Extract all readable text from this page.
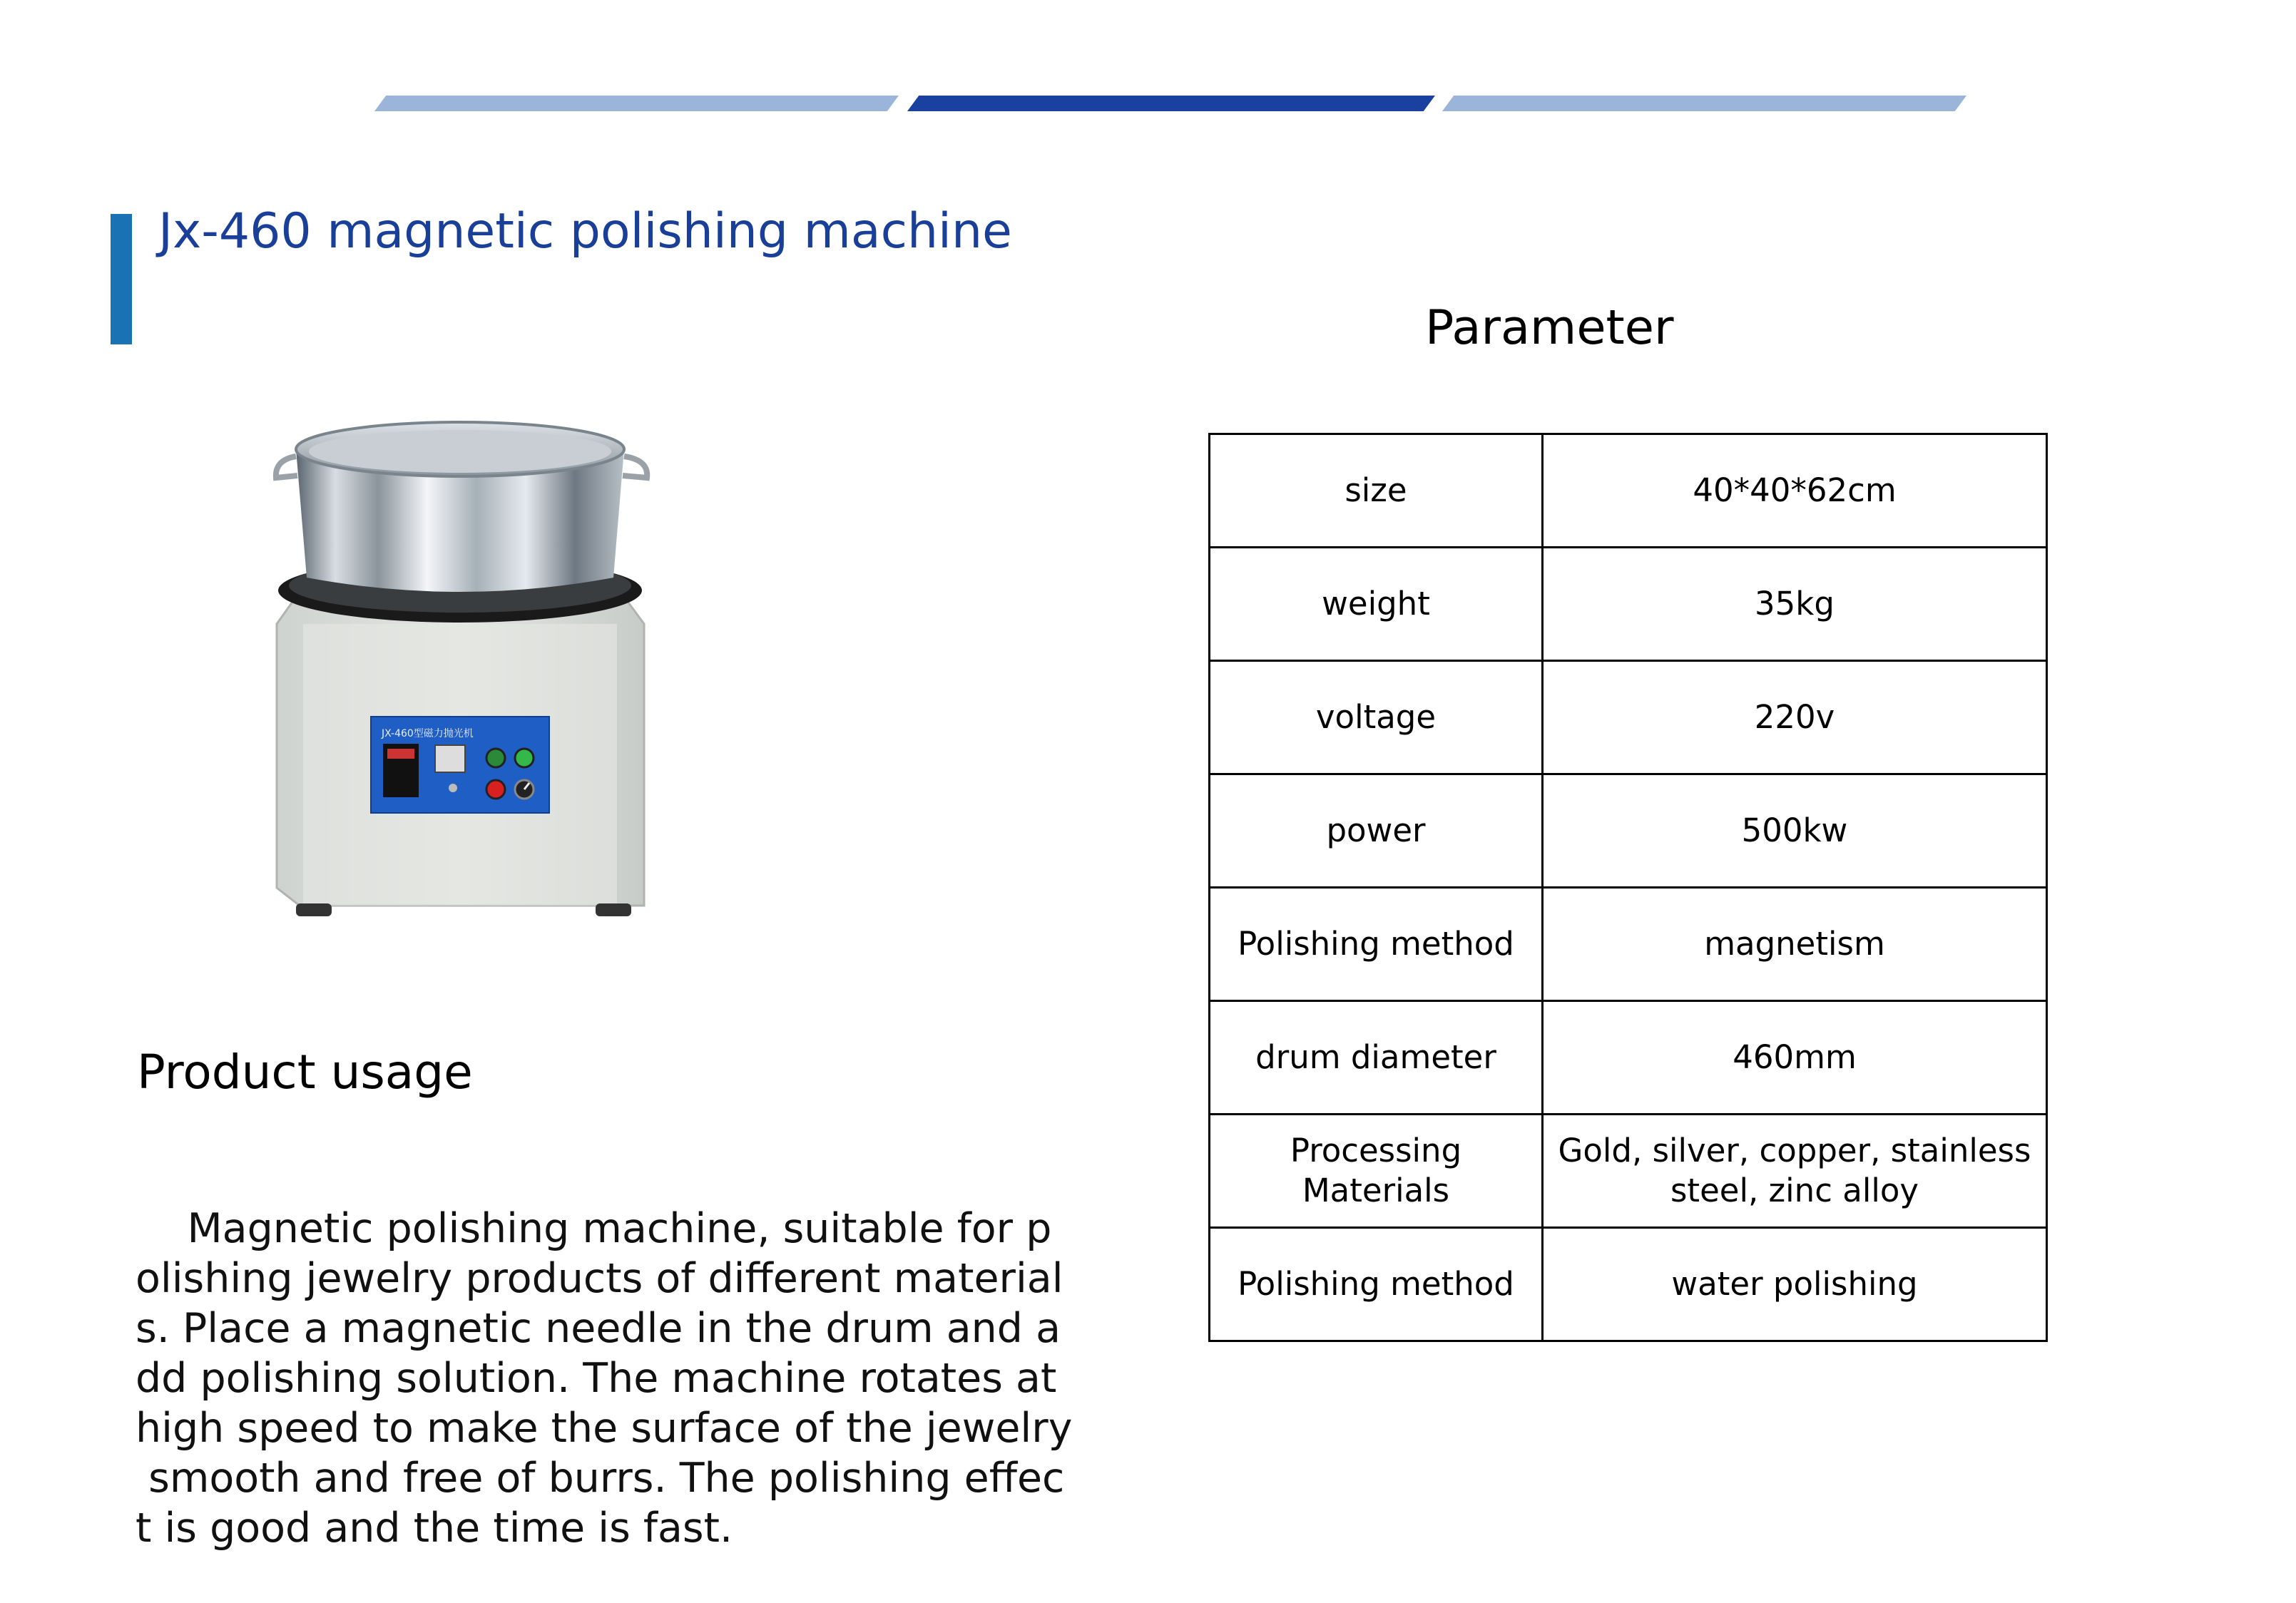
Jx-460 magnetic polishing machine
JX-460型磁力抛光机
Product usage

Magnetic polishing machine, suitable for p
olishing jewelry products of different material
s. Place a magnetic needle in the drum and a
dd polishing solution. The machine rotates at
high speed to make the surface of the jewelry
smooth and free of burrs. The polishing effec
t is good and the time is fast.

Parameter
size	40*40*62cm
weight	35kg
voltage	220v
power	500kw
Polishing method	magnetism
drum diameter	460mm
Processing Materials	Gold, silver, copper, stainless steel, zinc alloy
Polishing method	water polishing
